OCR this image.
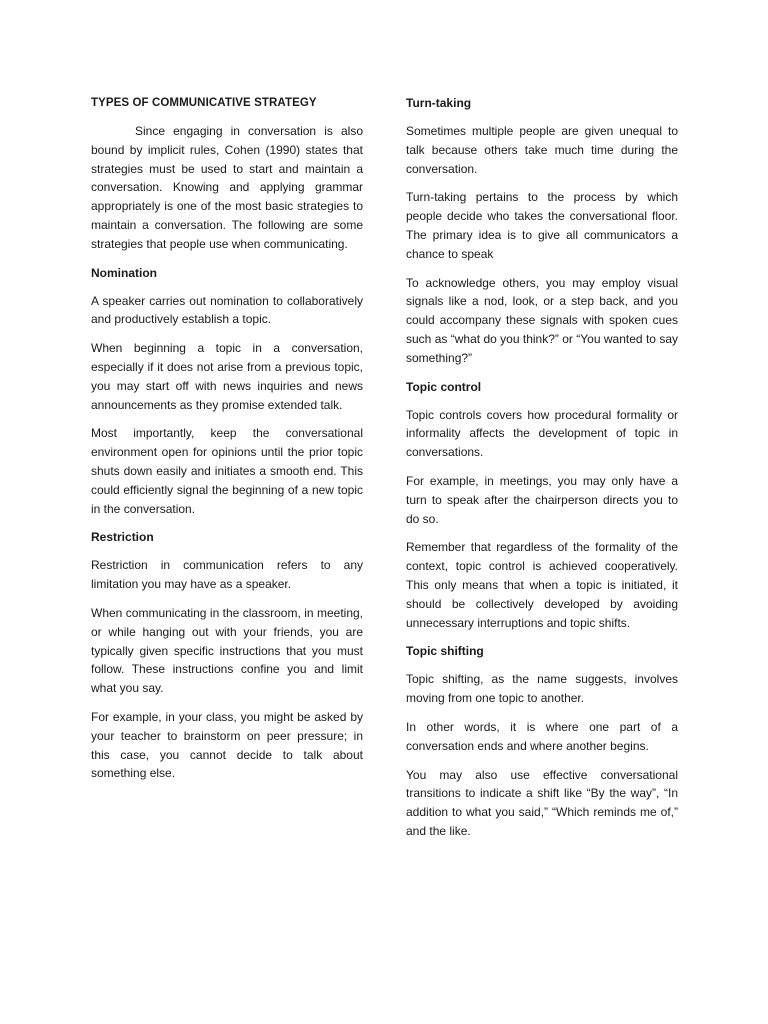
TYPES OF COMMUNICATIVE STRATEGY

Since engaging in conversation is also bound by implicit rules, Cohen (1990) states that strategies must be used to start and maintain a conversation. Knowing and applying grammar appropriately is one of the most basic strategies to maintain a conversation. The following are some strategies that people use when communicating.

Nomination

A speaker carries out nomination to collaboratively and productively establish a topic.

When beginning a topic in a conversation, especially if it does not arise from a previous topic, you may start off with news inquiries and news announcements as they promise extended talk.

Most importantly, keep the conversational environment open for opinions until the prior topic shuts down easily and initiates a smooth end. This could efficiently signal the beginning of a new topic in the conversation.

Restriction

Restriction in communication refers to any limitation you may have as a speaker.

When communicating in the classroom, in meeting, or while hanging out with your friends, you are typically given specific instructions that you must follow. These instructions confine you and limit what you say.

For example, in your class, you might be asked by your teacher to brainstorm on peer pressure; in this case, you cannot decide to talk about something else.

Turn-taking

Sometimes multiple people are given unequal to talk because others take much time during the conversation.

Turn-taking pertains to the process by which people decide who takes the conversational floor. The primary idea is to give all communicators a chance to speak

To acknowledge others, you may employ visual signals like a nod, look, or a step back, and you could accompany these signals with spoken cues such as “what do you think?” or “You wanted to say something?”

Topic control

Topic controls covers how procedural formality or informality affects the development of topic in conversations.

For example, in meetings, you may only have a turn to speak after the chairperson directs you to do so.

Remember that regardless of the formality of the context, topic control is achieved cooperatively. This only means that when a topic is initiated, it should be collectively developed by avoiding unnecessary interruptions and topic shifts.

Topic shifting

Topic shifting, as the name suggests, involves moving from one topic to another.

In other words, it is where one part of a conversation ends and where another begins.

You may also use effective conversational transitions to indicate a shift like “By the way”, “In addition to what you said,” “Which reminds me of,” and the like.
